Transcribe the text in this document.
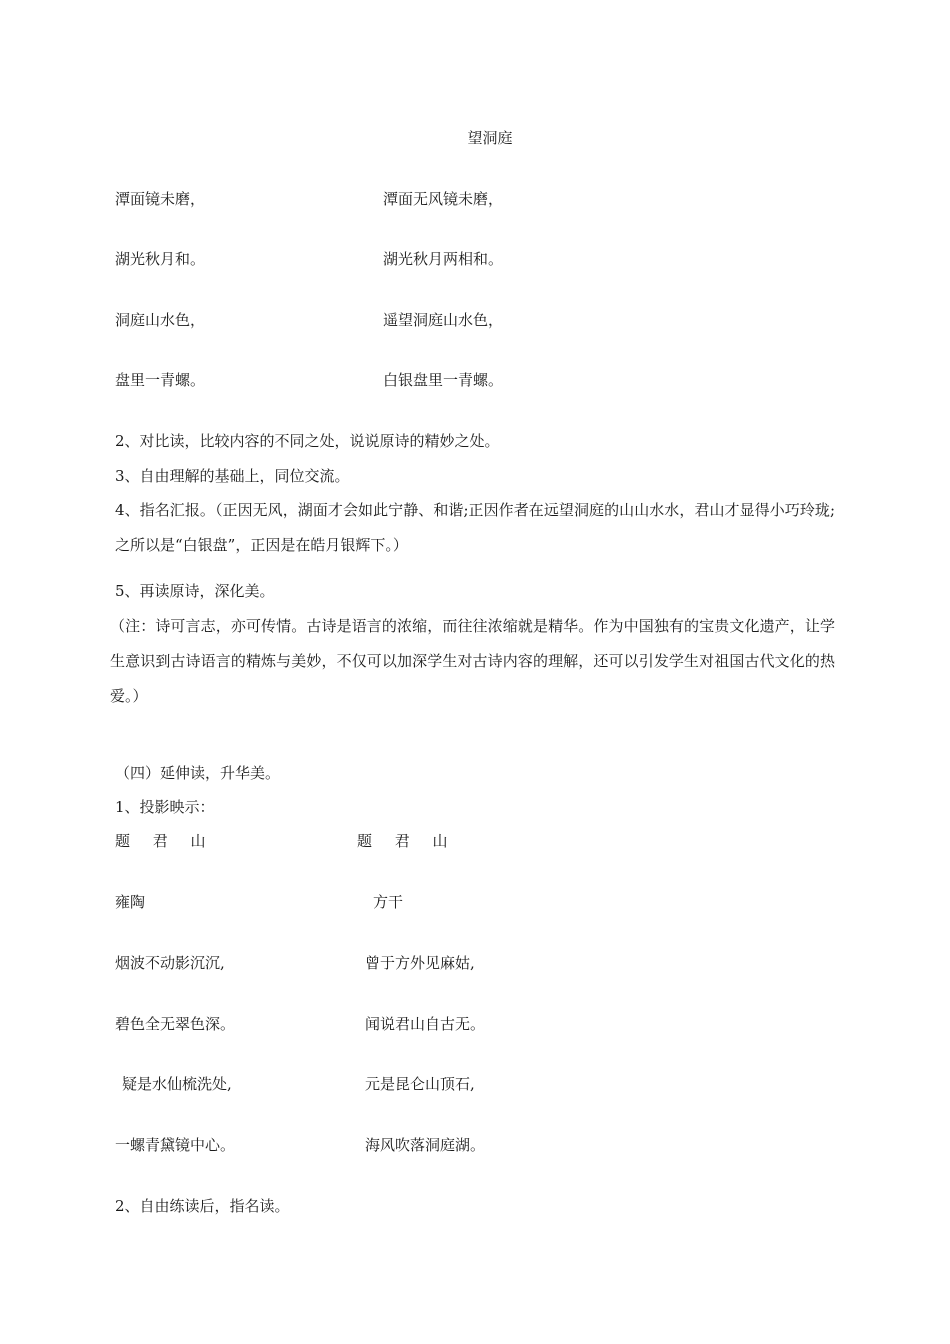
望洞庭
潭面镜未磨，	潭面无风镜未磨，
湖光秋月和。	湖光秋月两相和。
洞庭山水色，	遥望洞庭山水色，
盘里一青螺。	白银盘里一青螺。
2、对比读，比较内容的不同之处，说说原诗的精妙之处。
3、自由理解的基础上，同位交流。
4、指名汇报。（正因无风，湖面才会如此宁静、和谐;正因作者在远望洞庭的山山水水，君山才显得小巧玲珑;之所以是“白银盘”，正因是在皓月银辉下。）
5、再读原诗，深化美。
（注：诗可言志，亦可传情。古诗是语言的浓缩，而往往浓缩就是精华。作为中国独有的宝贵文化遗产，让学生意识到古诗语言的精炼与美妙，不仅可以加深学生对古诗内容的理解，还可以引发学生对祖国古代文化的热爱。）
（四）延伸读，升华美。
1、投影映示：
题 君 山	题 君 山
雍陶	方干
烟波不动影沉沉,	曾于方外见麻姑,
碧色全无翠色深。	闻说君山自古无。
疑是水仙梳洗处,	元是昆仑山顶石,
一螺青黛镜中心。	海风吹落洞庭湖。
2、自由练读后，指名读。
